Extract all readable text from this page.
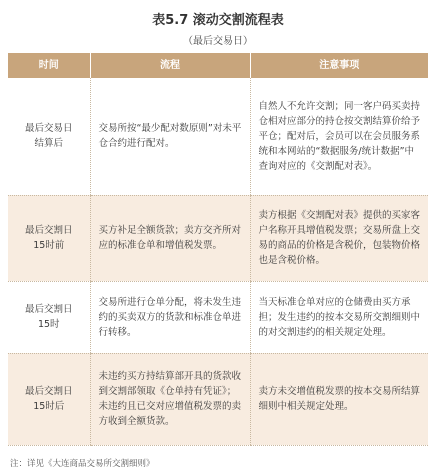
表5.7 滚动交割流程表
（最后交易日）
时间	流程	注意事项

最后交易日结算后	交易所按“最少配对数原则”对未平仓合约进行配对。	自然人不允许交割；同一客户码买卖持仓相对应部分的持仓按交割结算价给予平仓；配对后，会员可以在会员服务系统和本网站的“数据服务/统计数据”中查询对应的《交割配对表》。

最后交割日15时前	买方补足全额货款；卖方交齐所对应的标准仓单和增值税发票。	卖方根据《交割配对表》提供的买家客户名称开具增值税发票；交易所盘上交易的商品的价格是含税价，包装物价格也是含税价格。

最后交割日15时	交易所进行仓单分配，将未发生违约的买卖双方的货款和标准仓单进行转移。	当天标准仓单对应的仓储费由买方承担；发生违约的按本交易所交割细则中的对交割违约的相关规定处理。

最后交割日15时后	未违约买方持结算部开具的货款收到交割部领取《仓单持有凭证》；未违约且已交对应增值税发票的卖方收到全额货款。	卖方未交增值税发票的按本交易所结算细则中相关规定处理。
注：详见《大连商品交易所交割细则》
